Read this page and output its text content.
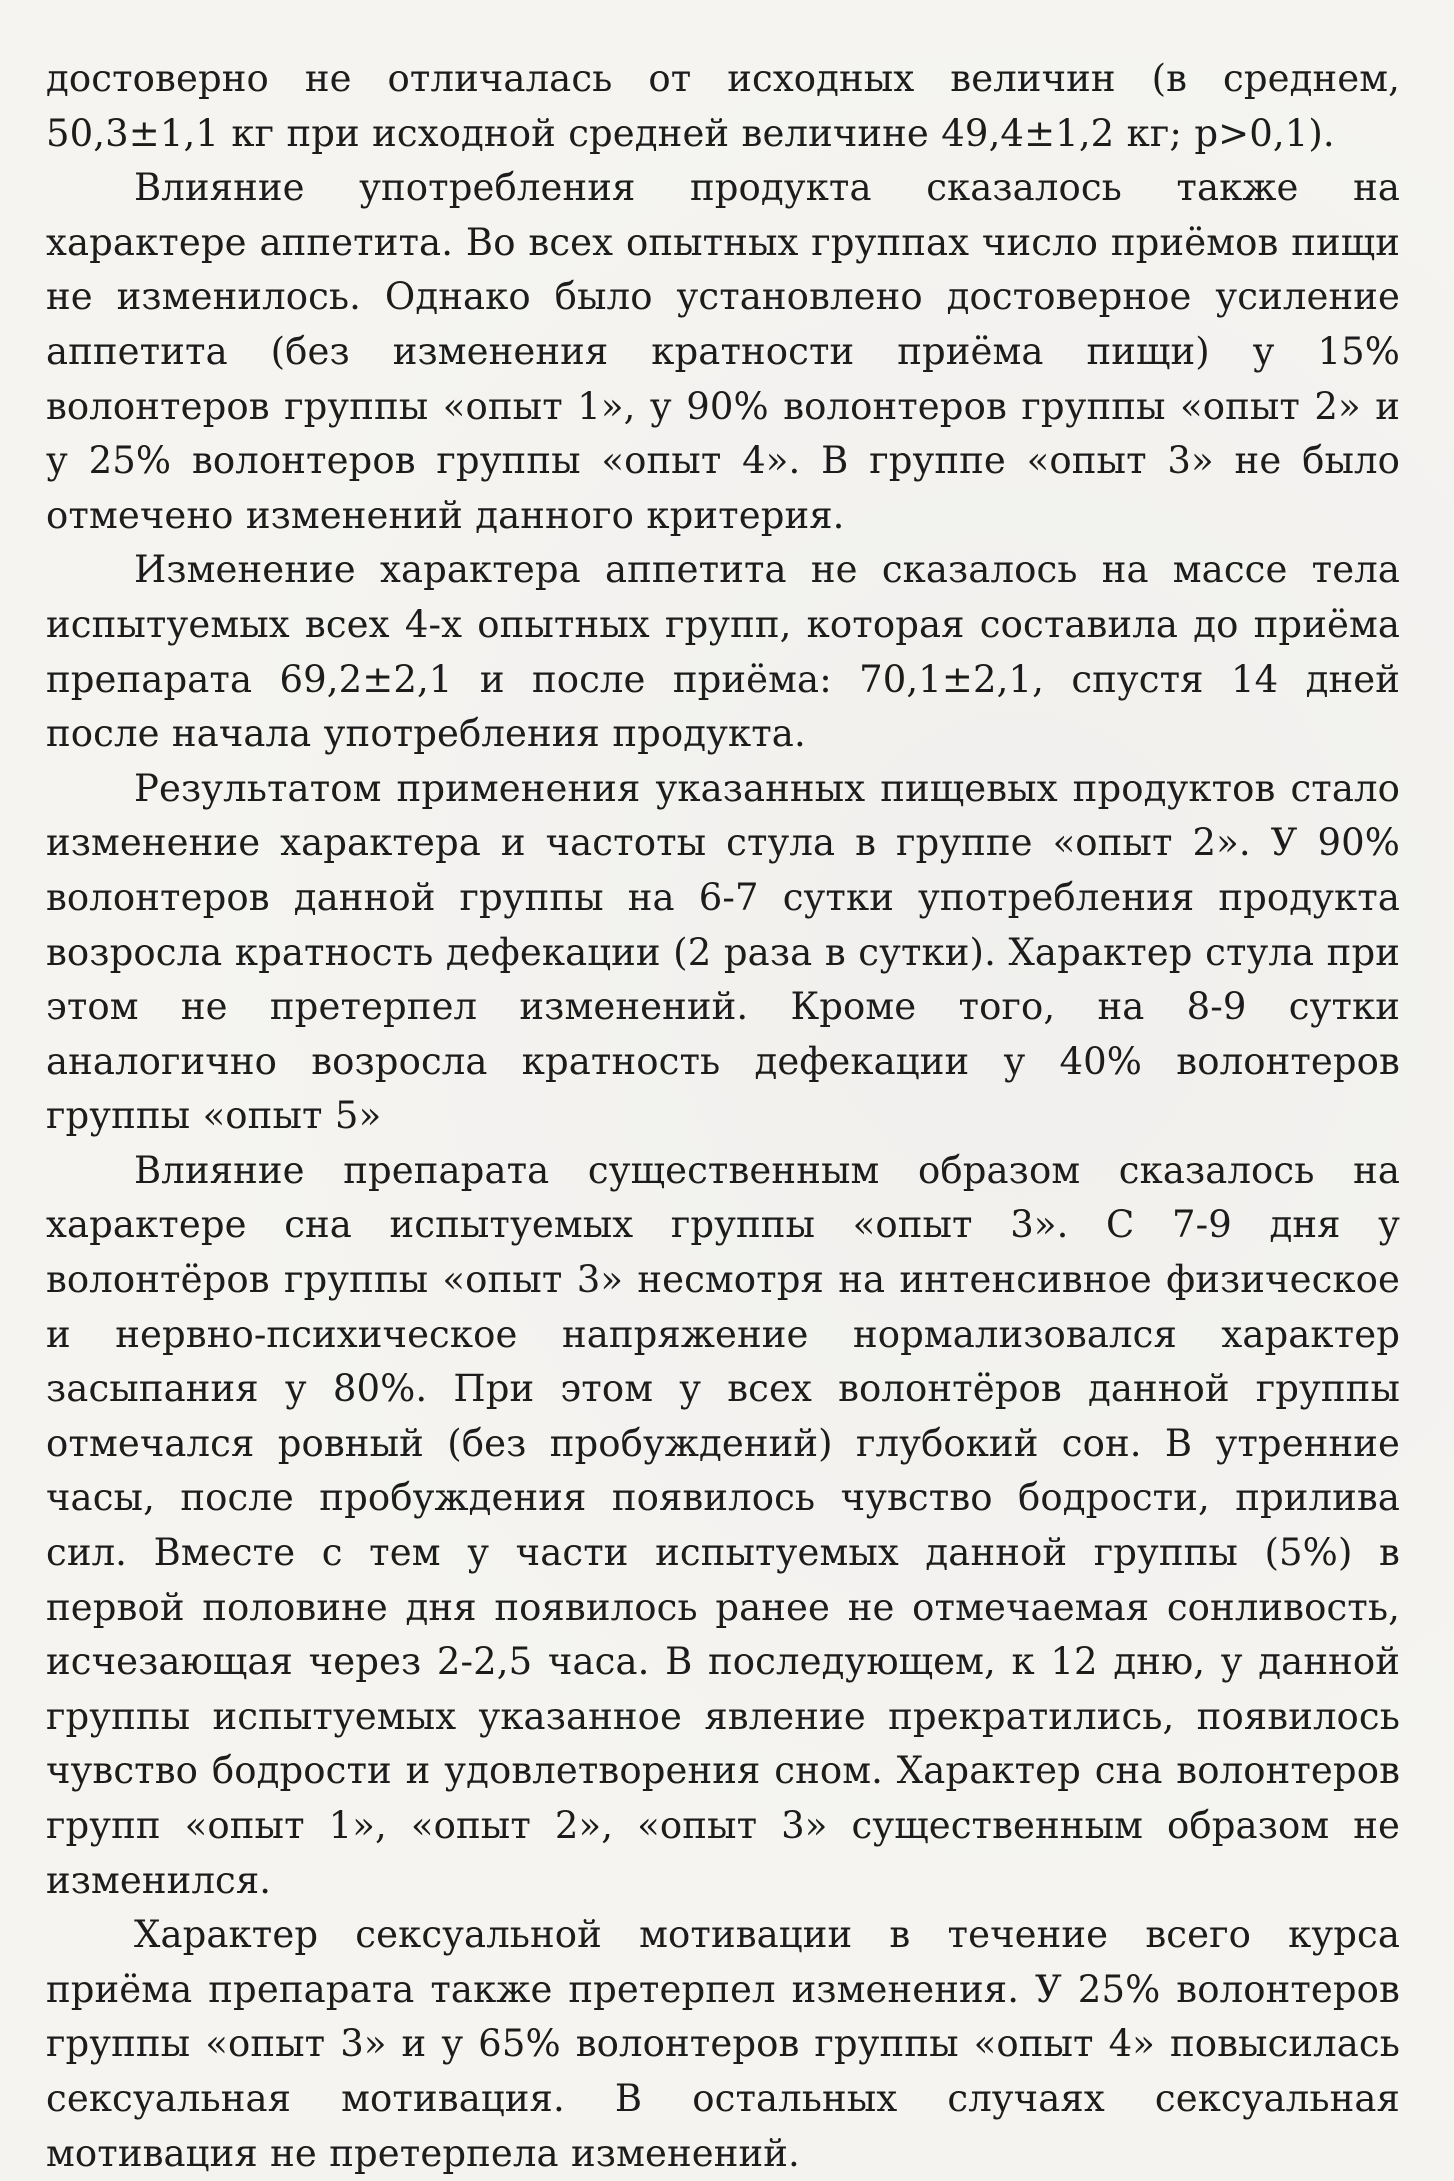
достоверно не отличалась от исходных величин (в среднем, 50,3±1,1 кг при исходной средней величине 49,4±1,2 кг; р>0,1).

Влияние употребления продукта сказалось также на характере аппетита. Во всех опытных группах число приёмов пищи не изменилось. Однако было установлено достоверное усиление аппетита (без изменения кратности приёма пищи) у 15% волонтеров группы «опыт 1», у 90% волонтеров группы «опыт 2» и у 25% волонтеров группы «опыт 4». В группе «опыт 3» не было отмечено изменений данного критерия.

Изменение характера аппетита не сказалось на массе тела испытуемых всех 4-х опытных групп, которая составила до приёма препарата 69,2±2,1 и после приёма: 70,1±2,1, спустя 14 дней после начала употребления продукта.

Результатом применения указанных пищевых продуктов стало изменение характера и частоты стула в группе «опыт 2». У 90% волонтеров данной группы на 6-7 сутки употребления продукта возросла кратность дефекации (2 раза в сутки). Характер стула при этом не претерпел изменений. Кроме того, на 8-9 сутки аналогично возросла кратность дефекации у 40% волонтеров группы «опыт 5»

Влияние препарата существенным образом сказалось на характере сна испытуемых группы «опыт 3». С 7-9 дня у волонтёров группы «опыт 3» несмотря на интенсивное физическое и нервно-психическое напряжение нормализовался характер засыпания у 80%. При этом у всех волонтёров данной группы отмечался ровный (без пробуждений) глубокий сон. В утренние часы, после пробуждения появилось чувство бодрости, прилива сил. Вместе с тем у части испытуемых данной группы (5%) в первой половине дня появилось ранее не отмечаемая сонливость, исчезающая через 2-2,5 часа. В последующем, к 12 дню, у данной группы испытуемых указанное явление прекратились, появилось чувство бодрости и удовлетворения сном. Характер сна волонтеров групп «опыт 1», «опыт 2», «опыт 3» существенным образом не изменился.

Характер сексуальной мотивации в течение всего курса приёма препарата также претерпел изменения. У 25% волонтеров группы «опыт 3» и у 65% волонтеров группы «опыт 4» повысилась сексуальная мотивация. В остальных случаях сексуальная мотивация не претерпела изменений.
